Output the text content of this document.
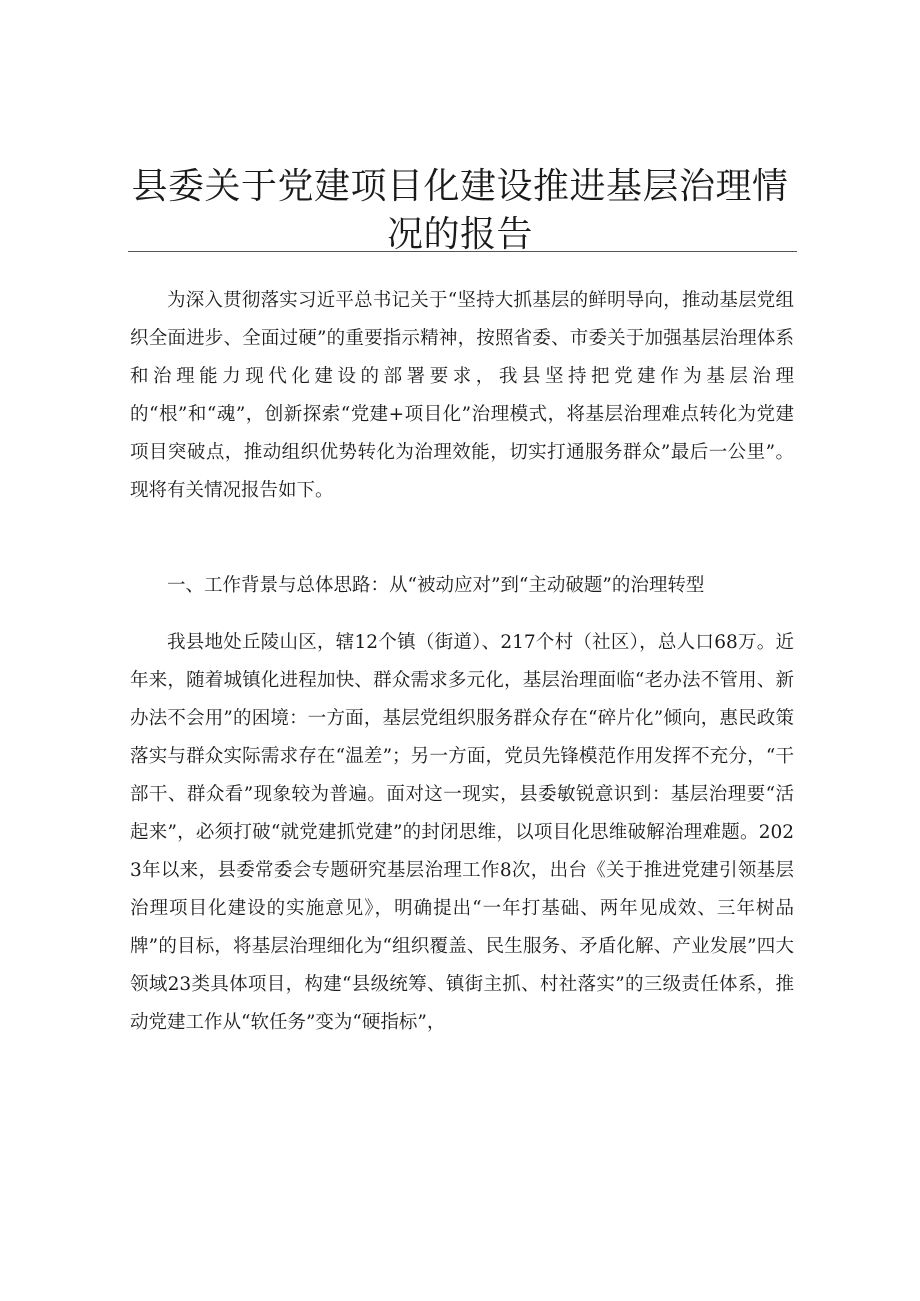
县委关于党建项目化建设推进基层治理情况的报告

为深入贯彻落实习近平总书记关于“坚持大抓基层的鲜明导向，推动基层党组织全面进步、全面过硬”的重要指示精神，按照省委、市委关于加强基层治理体系和治理能力现代化建设的部署要求，我县坚持把党建作为基层治理的“根”和“魂”，创新探索“党建+项目化”治理模式，将基层治理难点转化为党建项目突破点，推动组织优势转化为治理效能，切实打通服务群众”最后一公里”。现将有关情况报告如下。

一、工作背景与总体思路：从“被动应对”到“主动破题”的治理转型

我县地处丘陵山区，辖12个镇（街道）、217个村（社区），总人口68万。近年来，随着城镇化进程加快、群众需求多元化，基层治理面临“老办法不管用、新办法不会用”的困境：一方面，基层党组织服务群众存在“碎片化”倾向，惠民政策落实与群众实际需求存在“温差”；另一方面，党员先锋模范作用发挥不充分，“干部干、群众看”现象较为普遍。面对这一现实，县委敏锐意识到：基层治理要“活起来”，必须打破“就党建抓党建”的封闭思维，以项目化思维破解治理难题。2023年以来，县委常委会专题研究基层治理工作8次，出台《关于推进党建引领基层治理项目化建设的实施意见》，明确提出“一年打基础、两年见成效、三年树品牌”的目标，将基层治理细化为“组织覆盖、民生服务、矛盾化解、产业发展”四大领域23类具体项目，构建“县级统筹、镇街主抓、村社落实”的三级责任体系，推动党建工作从“软任务”变为“硬指标”，
